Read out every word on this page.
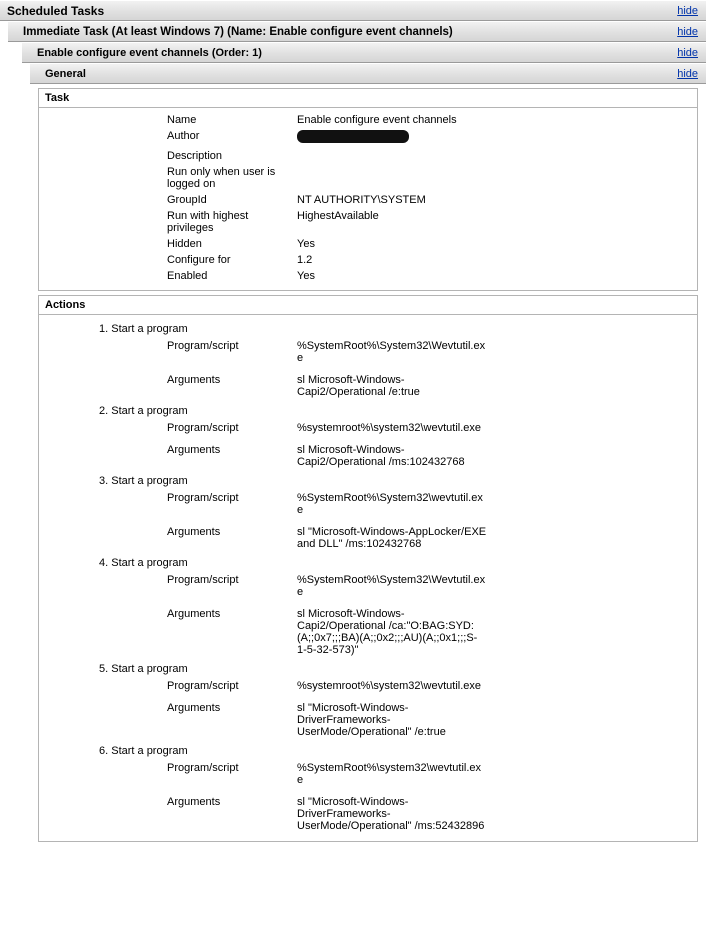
Scheduled Tasks	hide
Immediate Task (At least Windows 7) (Name: Enable configure event channels)	hide
Enable configure event channels (Order: 1)	hide
General	hide
Task
Name	Enable configure event channels	
Author		
Description		
Run only when user is logged on		
GroupId	NT AUTHORITY\SYSTEM	
Run with highest privileges	HighestAvailable	
Hidden	Yes	
Configure for	1.2	
Enabled	Yes	
Actions
1. Start a program
Program/script	%SystemRoot%\System32\Wevtutil.exe	

Arguments	sl Microsoft-Windows-Capi2/Operational /e:true	
2. Start a program
Program/script	%systemroot%\system32\wevtutil.exe	

Arguments	sl Microsoft-Windows-Capi2/Operational /ms:102432768	
3. Start a program
Program/script	%SystemRoot%\System32\wevtutil.exe	

Arguments	sl "Microsoft-Windows-AppLocker/EXE and DLL" /ms:102432768	
4. Start a program
Program/script	%SystemRoot%\System32\Wevtutil.exe	

Arguments	sl Microsoft-Windows-Capi2/Operational /ca:"O:BAG:SYD:(A;;0x7;;;BA)(A;;0x2;;;AU)(A;;0x1;;;S-1-5-32-573)"	
5. Start a program
Program/script	%systemroot%\system32\wevtutil.exe	

Arguments	sl "Microsoft-Windows-DriverFrameworks-UserMode/Operational" /e:true	
6. Start a program
Program/script	%SystemRoot%\system32\wevtutil.exe	

Arguments	sl "Microsoft-Windows-DriverFrameworks-UserMode/Operational" /ms:52432896	
